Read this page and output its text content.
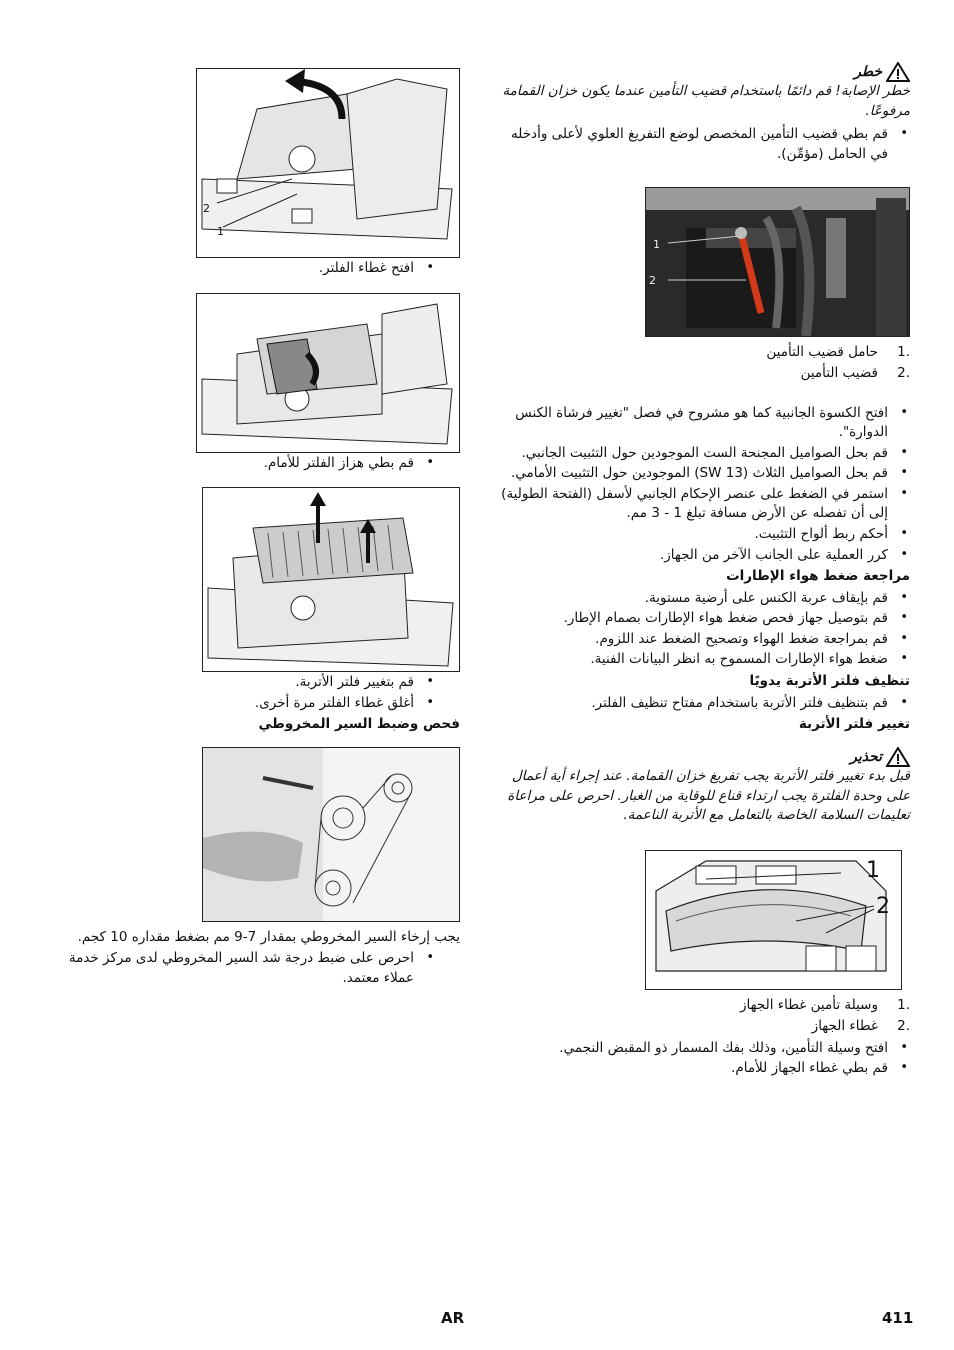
خطر

خطر الإصابة! قم دائمًا باستخدام قضيب التأمين عندما يكون خزان القمامة مرفوعًا.

• قم بطي قضيب التأمين المخصص لوضع التفريغ العلوي لأعلى وأدخله في الحامل (مؤمِّن).
1
2
1.
حامل قضيب التأمين
2.
قضيب التأمين
• افتح الكسوة الجانبية كما هو مشروح في فصل "تغيير فرشاة الكنس الدوارة".
• قم بحل الصواميل المجنحة الست الموجودين حول التثبيت الجانبي.
• قم بحل الصواميل الثلاث (SW 13) الموجودين حول التثبيت الأمامي.
• استمر في الضغط على عنصر الإحكام الجانبي لأسفل (الفتحة الطولية) إلى أن تفصله عن الأرض مسافة تبلغ 1 - 3 مم.
• أحكم ربط ألواح التثبيت.
• كرر العملية على الجانب الآخر من الجهاز.
مراجعة ضغط هواء الإطارات
• قم بإيقاف عربة الكنس على أرضية مستوية.
• قم بتوصيل جهاز فحص ضغط هواء الإطارات بصمام الإطار.
• قم بمراجعة ضغط الهواء وتصحيح الضغط عند اللزوم.
• ضغط هواء الإطارات المسموح به انظر البيانات الفنية.
تنظيف فلتر الأتربة يدويًا
• قم بتنظيف فلتر الأتربة باستخدام مفتاح تنظيف الفلتر.
تغيير فلتر الأتربة
تحذير

قبل بدء تغيير فلتر الأتربة يجب تفريغ خزان القمامة. عند إجراء أية أعمال على وحدة الفلترة يجب ارتداء قناع للوقاية من الغبار. احرص على مراعاة تعليمات السلامة الخاصة بالتعامل مع الأتربة الناعمة.

1
2
1.
وسيلة تأمين غطاء الجهاز
2.
غطاء الجهاز
• افتح وسيلة التأمين، وذلك بفك المسمار ذو المقبض النجمي.
• قم بطي غطاء الجهاز للأمام.
2
1
• افتح غطاء الفلتر.
• قم بطي هزاز الفلتر للأمام.
• قم بتغيير فلتر الأتربة.
• أغلق غطاء الفلتر مرة أخرى.
فحص وضبط السير المخروطي

يجب إرخاء السير المخروطي بمقدار 7-9 مم بضغط مقداره 10 كجم.

• احرص على ضبط درجة شد السير المخروطي لدى مركز خدمة عملاء معتمد.
AR	411
